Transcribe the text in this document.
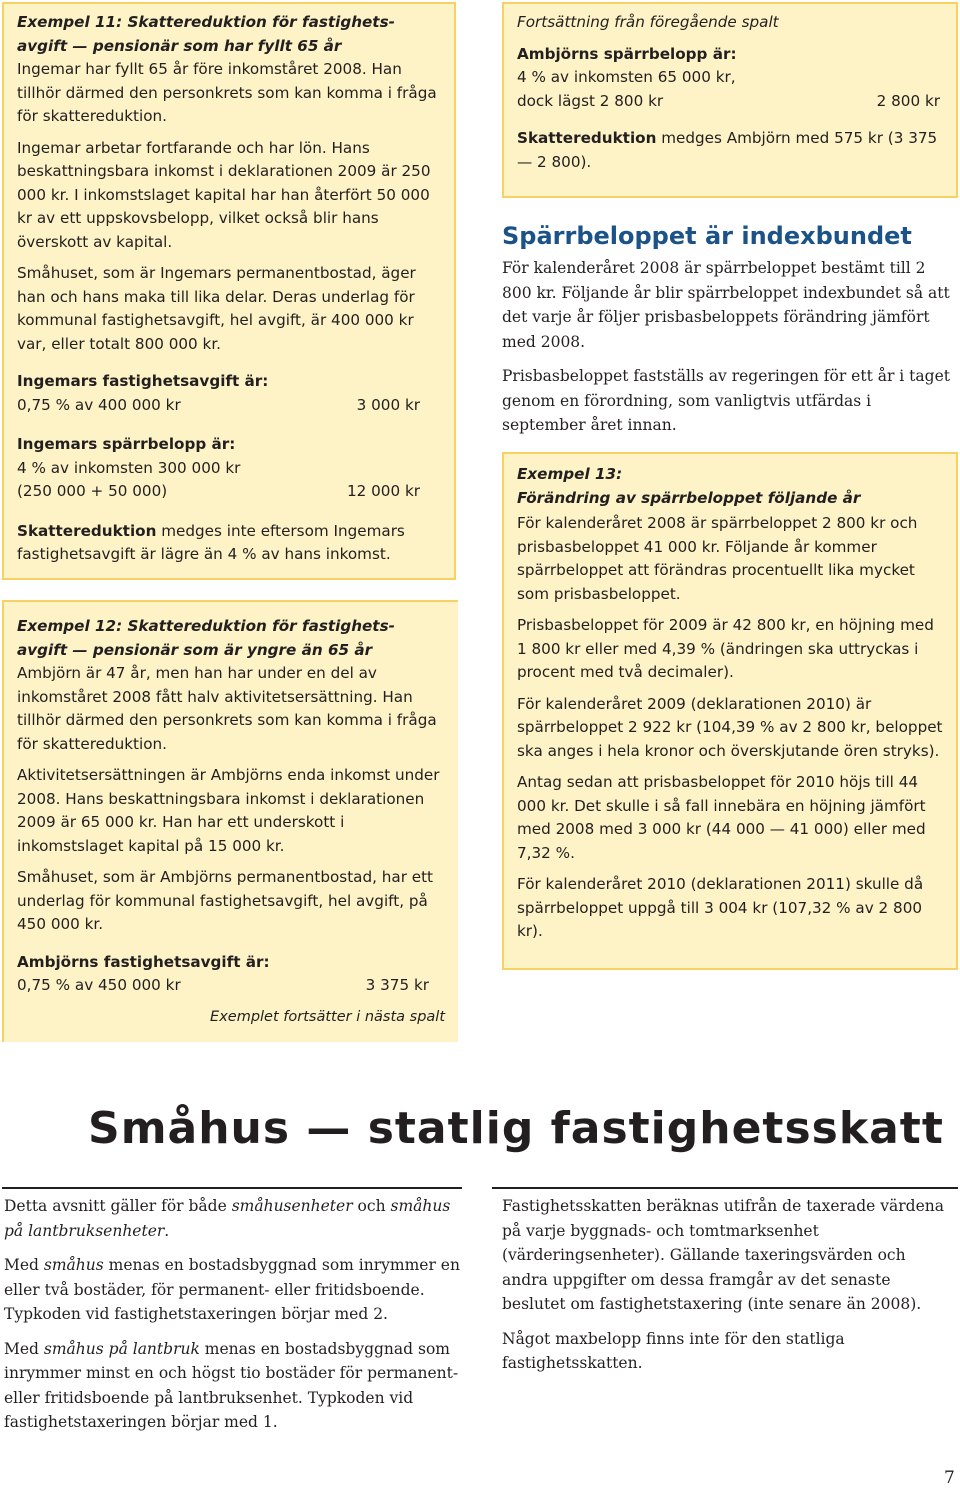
Exempel 11: Skattereduktion för fastighets-
avgift — pensionär som har fyllt 65 år

Ingemar har fyllt 65 år före inkomståret 2008. Han tillhör därmed den personkrets som kan komma i fråga för skattereduktion.

Ingemar arbetar fortfarande och har lön. Hans beskattningsbara inkomst i deklarationen 2009 är 250 000 kr. I inkomstslaget kapital har han återfört 50 000 kr av ett uppskovsbelopp, vilket också blir hans överskott av kapital.

Småhuset, som är Ingemars permanentbostad, äger han och hans maka till lika delar. Deras underlag för kommunal fastighetsavgift, hel avgift, är 400 000 kr var, eller totalt 800 000 kr.

Ingemars fastighetsavgift är:
0,75 % av 400 000 kr	3 000 kr
Ingemars spärrbelopp är:
4 % av inkomsten 300 000 kr
(250 000 + 50 000)	12 000 kr

Skattereduktion medges inte eftersom Ingemars fastighetsavgift är lägre än 4 % av hans inkomst.

Exempel 12: Skattereduktion för fastighets-
avgift — pensionär som är yngre än 65 år

Ambjörn är 47 år, men han har under en del av inkomståret 2008 fått halv aktivitetsersättning. Han tillhör därmed den personkrets som kan komma i fråga för skattereduktion.

Aktivitetsersättningen är Ambjörns enda inkomst under 2008. Hans beskattningsbara inkomst i deklarationen 2009 är 65 000 kr. Han har ett underskott i inkomstslaget kapital på 15 000 kr.

Småhuset, som är Ambjörns permanentbostad, har ett underlag för kommunal fastighetsavgift, hel avgift, på 450 000 kr.

Ambjörns fastighetsavgift är:
0,75 % av 450 000 kr	3 375 kr
Exemplet fortsätter i nästa spalt
Fortsättning från föregående spalt
Ambjörns spärrbelopp är:
4 % av inkomsten 65 000 kr,
dock lägst 2 800 kr	2 800 kr

Skattereduktion medges Ambjörn med 575 kr (3 375 — 2 800).

Spärrbeloppet är indexbundet

För kalenderåret 2008 är spärrbeloppet bestämt till 2 800 kr. Följande år blir spärrbeloppet indexbundet så att det varje år följer prisbasbeloppets förändring jämfört med 2008.

Prisbasbeloppet fastställs av regeringen för ett år i taget genom en förordning, som vanligtvis utfärdas i september året innan.

Exempel 13:
Förändring av spärrbeloppet följande år

För kalenderåret 2008 är spärrbeloppet 2 800 kr och prisbasbeloppet 41 000 kr. Följande år kommer spärrbeloppet att förändras procentuellt lika mycket som prisbasbeloppet.

Prisbasbeloppet för 2009 är 42 800 kr, en höjning med 1 800 kr eller med 4,39 % (ändringen ska uttryckas i procent med två decimaler).

För kalenderåret 2009 (deklarationen 2010) är spärrbeloppet 2 922 kr (104,39 % av 2 800 kr, beloppet ska anges i hela kronor och överskjutande ören stryks).

Antag sedan att prisbasbeloppet för 2010 höjs till 44 000 kr. Det skulle i så fall innebära en höjning jämfört med 2008 med 3 000 kr (44 000 — 41 000) eller med 7,32 %.

För kalenderåret 2010 (deklarationen 2011) skulle då spärrbeloppet uppgå till 3 004 kr (107,32 % av 2 800 kr).

Småhus — statlig fastighetsskatt

Detta avsnitt gäller för både småhusenheter och småhus på lantbruksenheter.

Med småhus menas en bostadsbyggnad som inrymmer en eller två bostäder, för permanent- eller fritidsboende. Typkoden vid fastighetstaxeringen börjar med 2.

Med småhus på lantbruk menas en bostadsbyggnad som inrymmer minst en och högst tio bostäder för permanent- eller fritidsboende på lantbruksenhet. Typkoden vid fastighetstaxeringen börjar med 1.

Fastighetsskatten beräknas utifrån de taxerade värdena på varje byggnads- och tomtmarksenhet (värderingsenheter). Gällande taxeringsvärden och andra uppgifter om dessa framgår av det senaste beslutet om fastighetstaxering (inte senare än 2008).

Något maxbelopp finns inte för den statliga fastighetsskatten.

7
